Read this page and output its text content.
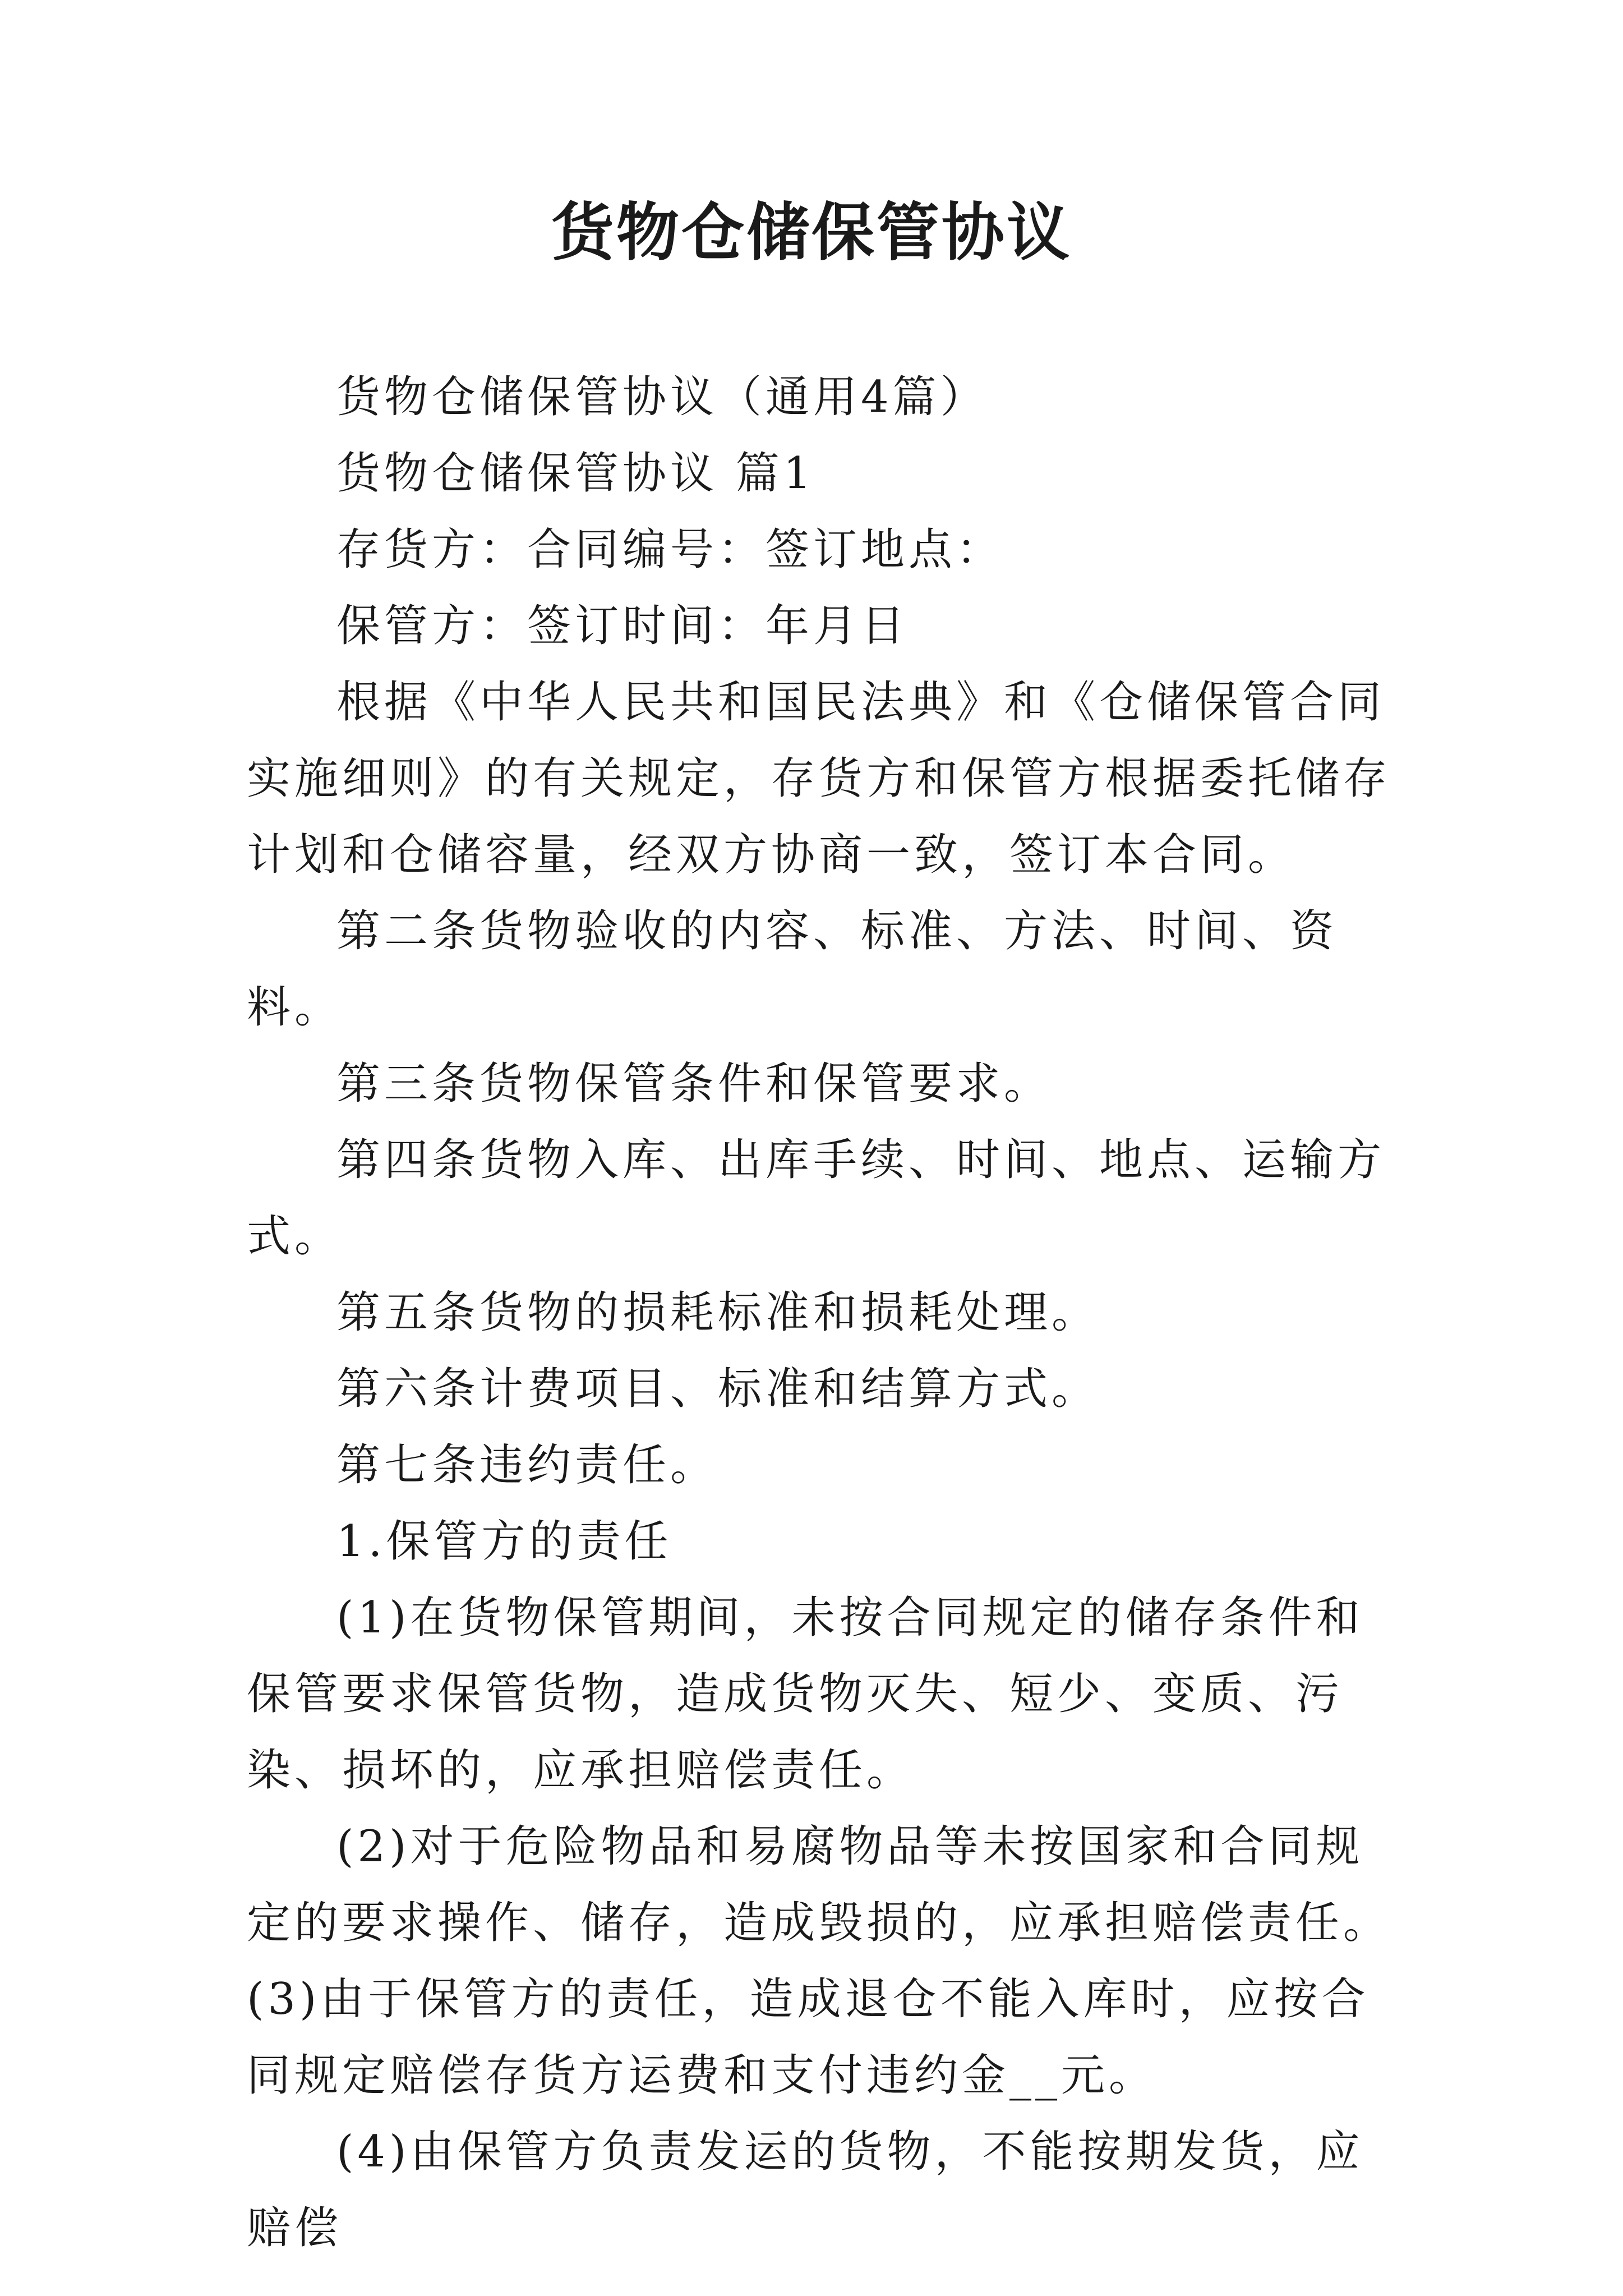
货物仓储保管协议

货物仓储保管协议（通用4篇）

货物仓储保管协议 篇1

存货方：合同编号：签订地点：

保管方：签订时间：年月日

根据《中华人民共和国民法典》和《仓储保管合同实施细则》的有关规定，存货方和保管方根据委托储存计划和仓储容量，经双方协商一致，签订本合同。

第二条货物验收的内容、标准、方法、时间、资料。

第三条货物保管条件和保管要求。

第四条货物入库、出库手续、时间、地点、运输方式。

第五条货物的损耗标准和损耗处理。

第六条计费项目、标准和结算方式。

第七条违约责任。

1.保管方的责任

(1)在货物保管期间，未按合同规定的储存条件和保管要求保管货物，造成货物灭失、短少、变质、污染、损坏的，应承担赔偿责任。

(2)对于危险物品和易腐物品等未按国家和合同规定的要求操作、储存，造成毁损的，应承担赔偿责任。(3)由于保管方的责任，造成退仓不能入库时，应按合同规定赔偿存货方运费和支付违约金__元。

(4)由保管方负责发运的货物，不能按期发货，应赔偿
